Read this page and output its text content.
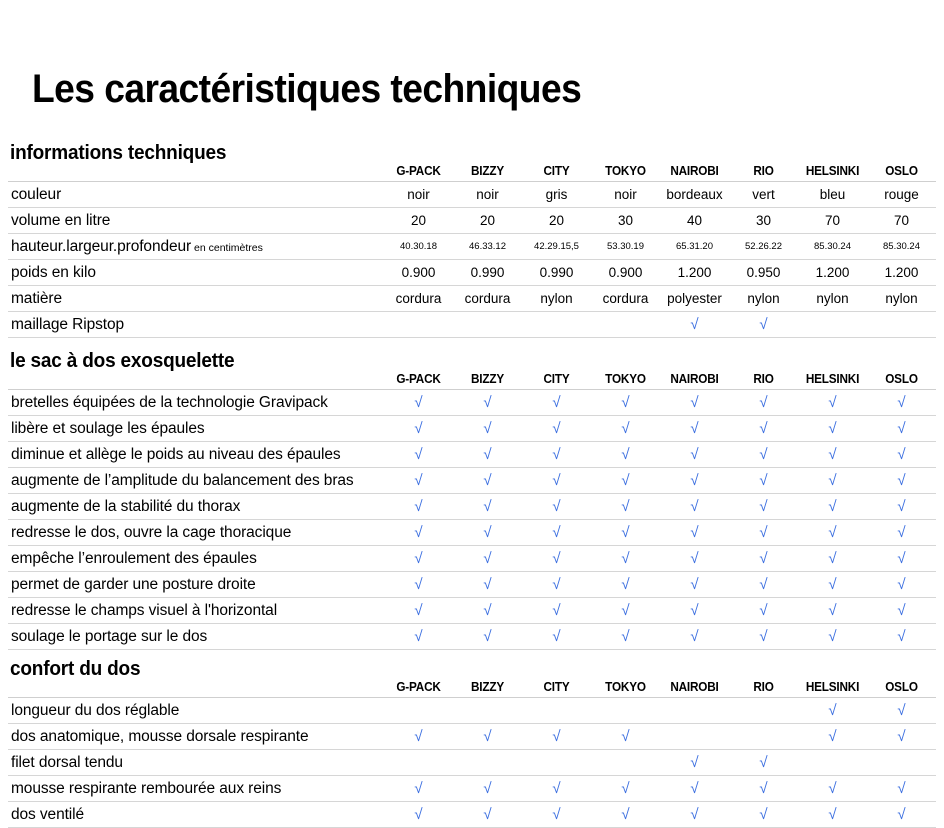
Les caractéristiques techniques
informations techniques
	G-PACK	BIZZY	CITY	TOKYO	NAIROBI	RIO	HELSINKI	OSLO
couleur	noir	noir	gris	noir	bordeaux	vert	bleu	rouge
volume en litre	20	20	20	30	40	30	70	70
hauteur.largeur.profondeur en centimètres	40.30.18	46.33.12	42.29.15,5	53.30.19	65.31.20	52.26.22	85.30.24	85.30.24
poids en kilo	0.900	0.990	0.990	0.900	1.200	0.950	1.200	1.200
matière	cordura	cordura	nylon	cordura	polyester	nylon	nylon	nylon
maillage Ripstop					√	√		
le sac à dos exosquelette
	G-PACK	BIZZY	CITY	TOKYO	NAIROBI	RIO	HELSINKI	OSLO
bretelles équipées de la technologie Gravipack	√	√	√	√	√	√	√	√
libère et soulage les épaules	√	√	√	√	√	√	√	√
diminue et allège le poids au niveau des épaules	√	√	√	√	√	√	√	√
augmente de l’amplitude du balancement des bras	√	√	√	√	√	√	√	√
augmente de la stabilité du thorax	√	√	√	√	√	√	√	√
redresse le dos, ouvre la cage thoracique	√	√	√	√	√	√	√	√
empêche l’enroulement des épaules	√	√	√	√	√	√	√	√
permet de garder une posture droite	√	√	√	√	√	√	√	√
redresse le champs visuel à l'horizontal	√	√	√	√	√	√	√	√
soulage le portage sur le dos	√	√	√	√	√	√	√	√
confort du dos
	G-PACK	BIZZY	CITY	TOKYO	NAIROBI	RIO	HELSINKI	OSLO
longueur du dos réglable							√	√
dos anatomique, mousse dorsale respirante	√	√	√	√			√	√
filet dorsal tendu					√	√		
mousse respirante rembourée aux reins	√	√	√	√	√	√	√	√
dos ventilé	√	√	√	√	√	√	√	√
